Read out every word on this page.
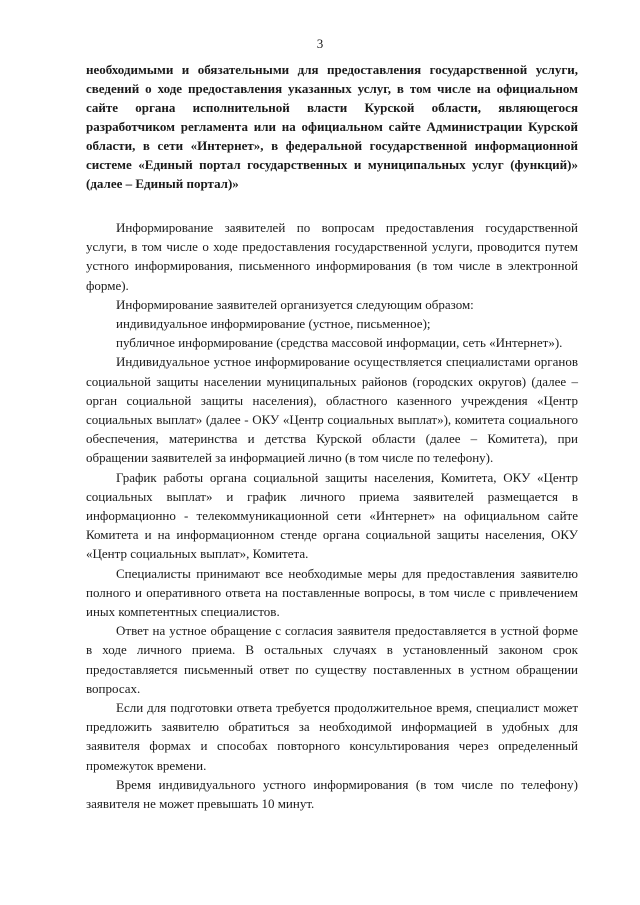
3
необходимыми и обязательными для предоставления государственной услуги, сведений о ходе предоставления указанных услуг, в том числе на официальном сайте органа исполнительной власти Курской области, являющегося разработчиком регламента или на официальном сайте Администрации Курской области, в сети «Интернет», в федеральной государственной информационной системе «Единый портал государственных и муниципальных услуг (функций)» (далее – Единый портал)»

Информирование заявителей по вопросам предоставления государственной услуги, в том числе о ходе предоставления государственной услуги, проводится путем устного информирования, письменного информирования (в том числе в электронной форме).

Информирование заявителей организуется следующим образом:

индивидуальное информирование (устное, письменное);

публичное информирование (средства массовой информации, сеть «Интернет»).

Индивидуальное устное информирование осуществляется специалистами органов социальной защиты населении муниципальных районов (городских округов) (далее – орган социальной защиты населения), областного казенного учреждения «Центр социальных выплат» (далее - ОКУ «Центр социальных выплат»), комитета социального обеспечения, материнства и детства Курской области (далее – Комитета), при обращении заявителей за информацией лично (в том числе по телефону).

График работы органа социальной защиты населения, Комитета, ОКУ «Центр социальных выплат» и график личного приема заявителей размещается в информационно - телекоммуникационной сети «Интернет» на официальном сайте Комитета и на информационном стенде органа социальной защиты населения, ОКУ «Центр социальных выплат», Комитета.

Специалисты принимают все необходимые меры для предоставления заявителю полного и оперативного ответа на поставленные вопросы, в том числе с привлечением иных компетентных специалистов.

Ответ на устное обращение с согласия заявителя предоставляется в устной форме в ходе личного приема. В остальных случаях в установленный законом срок предоставляется письменный ответ по существу поставленных в устном обращении вопросах.

Если для подготовки ответа требуется продолжительное время, специалист может предложить заявителю обратиться за необходимой информацией в удобных для заявителя формах и способах повторного консультирования через определенный промежуток времени.

Время индивидуального устного информирования (в том числе по телефону) заявителя не может превышать 10 минут.
